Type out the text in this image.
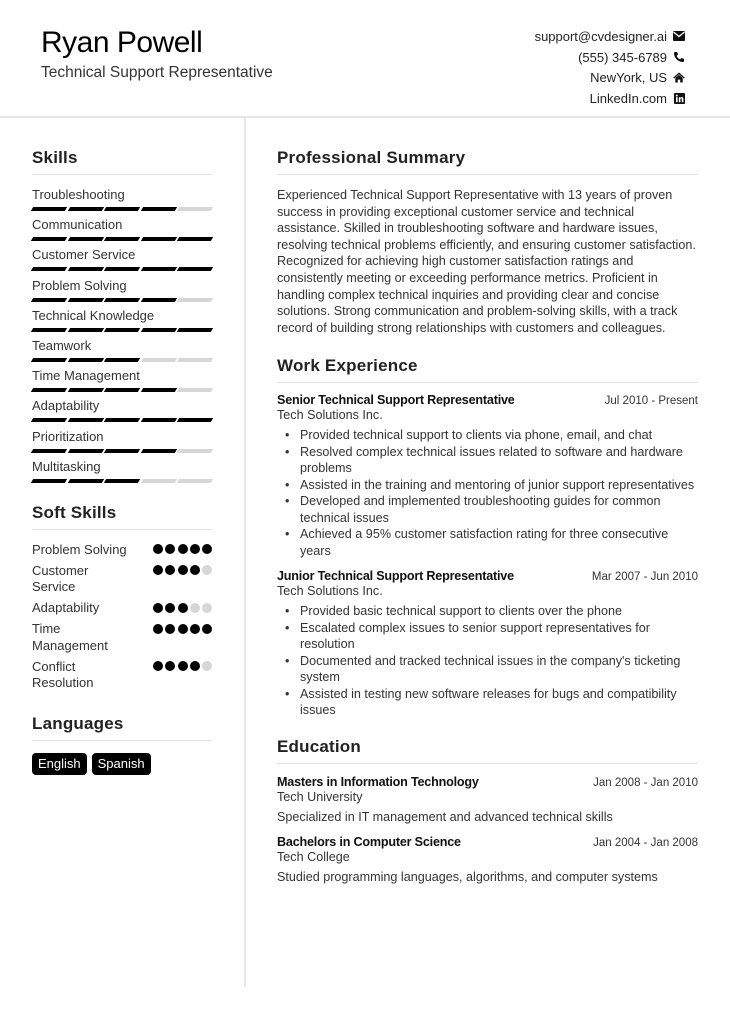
Ryan Powell
Technical Support Representative
support@cvdesigner.ai
(555) 345-6789
NewYork, US
LinkedIn.com
Skills
Troubleshooting
Communication
Customer Service
Problem Solving
Technical Knowledge
Teamwork
Time Management
Adaptability
Prioritization
Multitasking
Soft Skills
Problem Solving
Customer Service
Adaptability
Time Management
Conflict Resolution
Languages
English	Spanish
Professional Summary

Experienced Technical Support Representative with 13 years of proven success in providing exceptional customer service and technical assistance. Skilled in troubleshooting software and hardware issues, resolving technical problems efficiently, and ensuring customer satisfaction. Recognized for achieving high customer satisfaction ratings and consistently meeting or exceeding performance metrics. Proficient in handling complex technical inquiries and providing clear and concise solutions. Strong communication and problem-solving skills, with a track record of building strong relationships with customers and colleagues.

Work Experience
Senior Technical Support Representative	Jul 2010 - Present
Tech Solutions Inc.
• Provided technical support to clients via phone, email, and chat
• Resolved complex technical issues related to software and hardware problems
• Assisted in the training and mentoring of junior support representatives
• Developed and implemented troubleshooting guides for common technical issues
• Achieved a 95% customer satisfaction rating for three consecutive years
Junior Technical Support Representative	Mar 2007 - Jun 2010
Tech Solutions Inc.
• Provided basic technical support to clients over the phone
• Escalated complex issues to senior support representatives for resolution
• Documented and tracked technical issues in the company's ticketing system
• Assisted in testing new software releases for bugs and compatibility issues
Education
Masters in Information Technology	Jan 2008 - Jan 2010
Tech University
Specialized in IT management and advanced technical skills
Bachelors in Computer Science	Jan 2004 - Jan 2008
Tech College
Studied programming languages, algorithms, and computer systems
